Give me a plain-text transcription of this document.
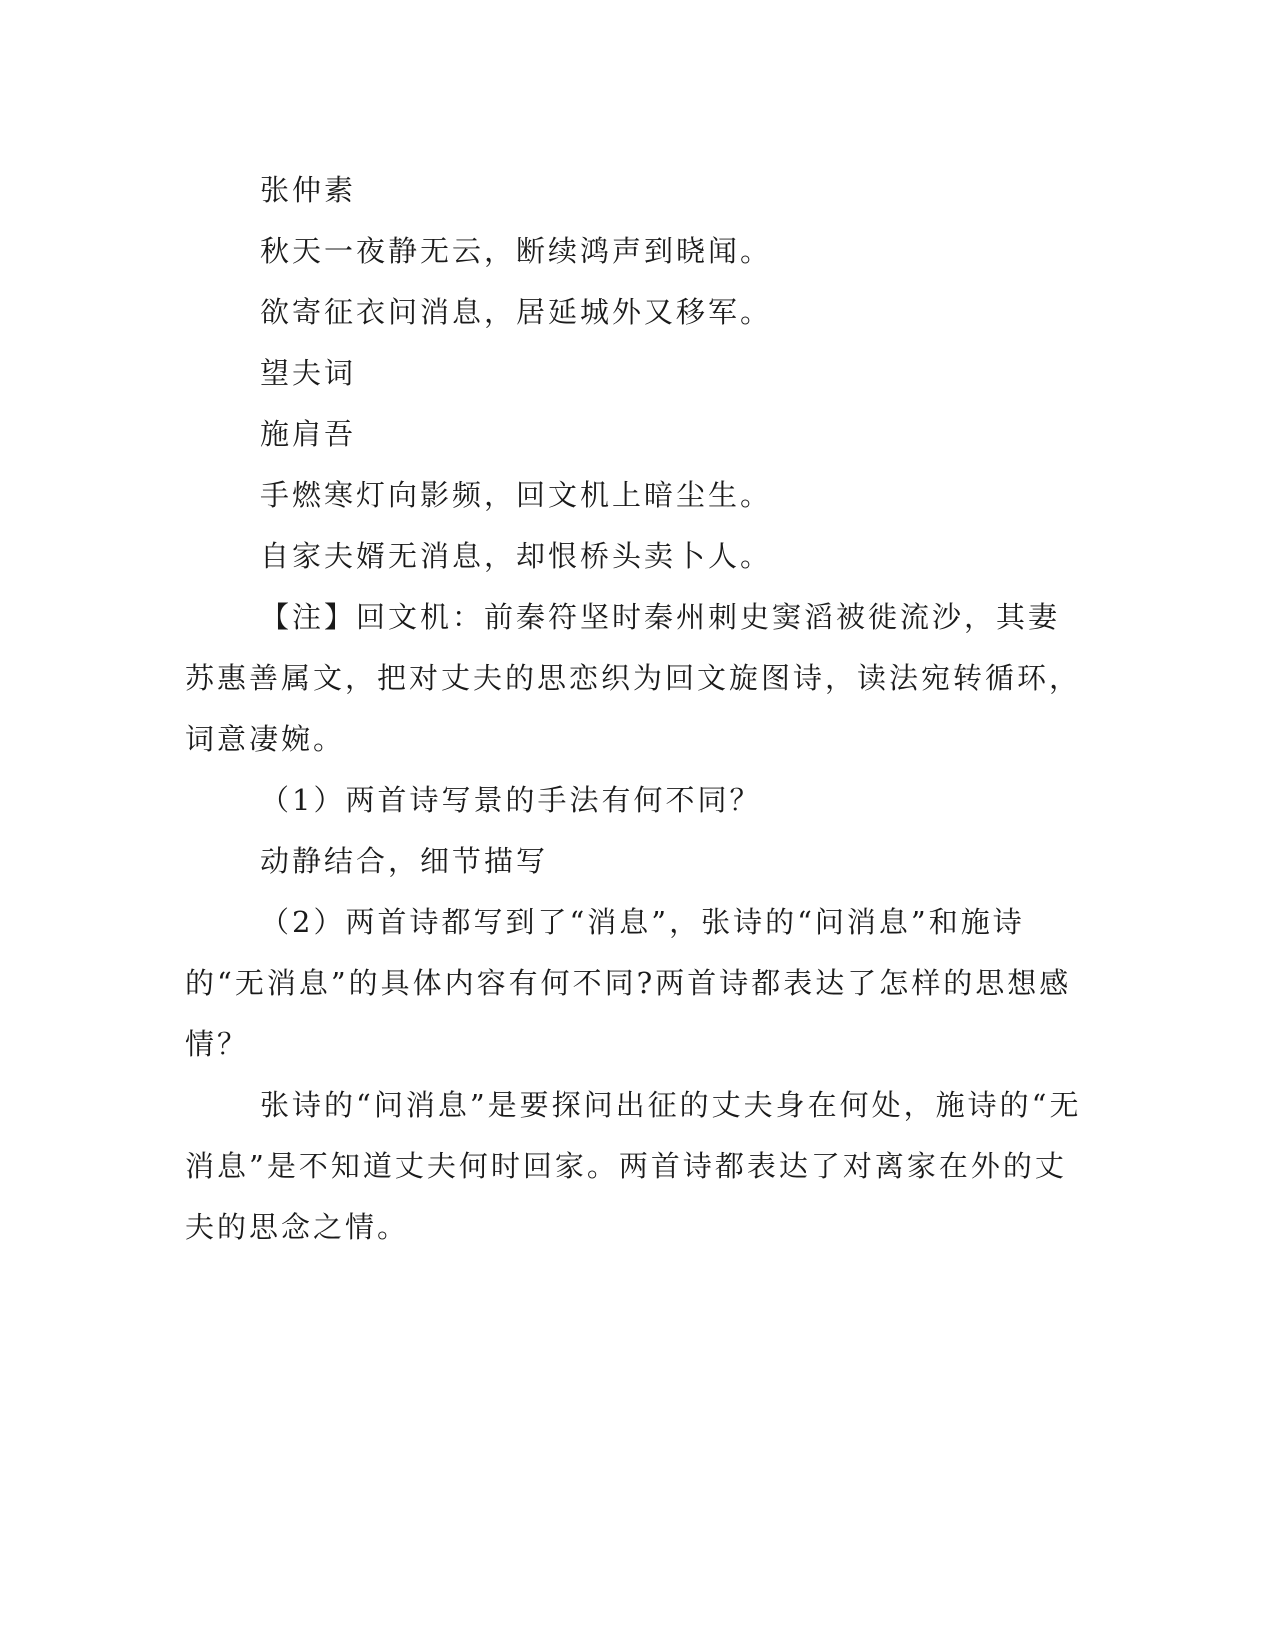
张仲素

秋天一夜静无云，断续鸿声到晓闻。

欲寄征衣问消息，居延城外又移军。

望夫词

施肩吾

手燃寒灯向影频，回文机上暗尘生。

自家夫婿无消息，却恨桥头卖卜人。

【注】回文机：前秦符坚时秦州刺史窦滔被徙流沙，其妻苏惠善属文，把对丈夫的思恋织为回文旋图诗，读法宛转循环，词意凄婉。

（1）两首诗写景的手法有何不同？

动静结合，细节描写

（2）两首诗都写到了“消息”，张诗的“问消息”和施诗的“无消息”的具体内容有何不同?两首诗都表达了怎样的思想感情？

张诗的“问消息”是要探问出征的丈夫身在何处，施诗的“无消息”是不知道丈夫何时回家。两首诗都表达了对离家在外的丈夫的思念之情。
